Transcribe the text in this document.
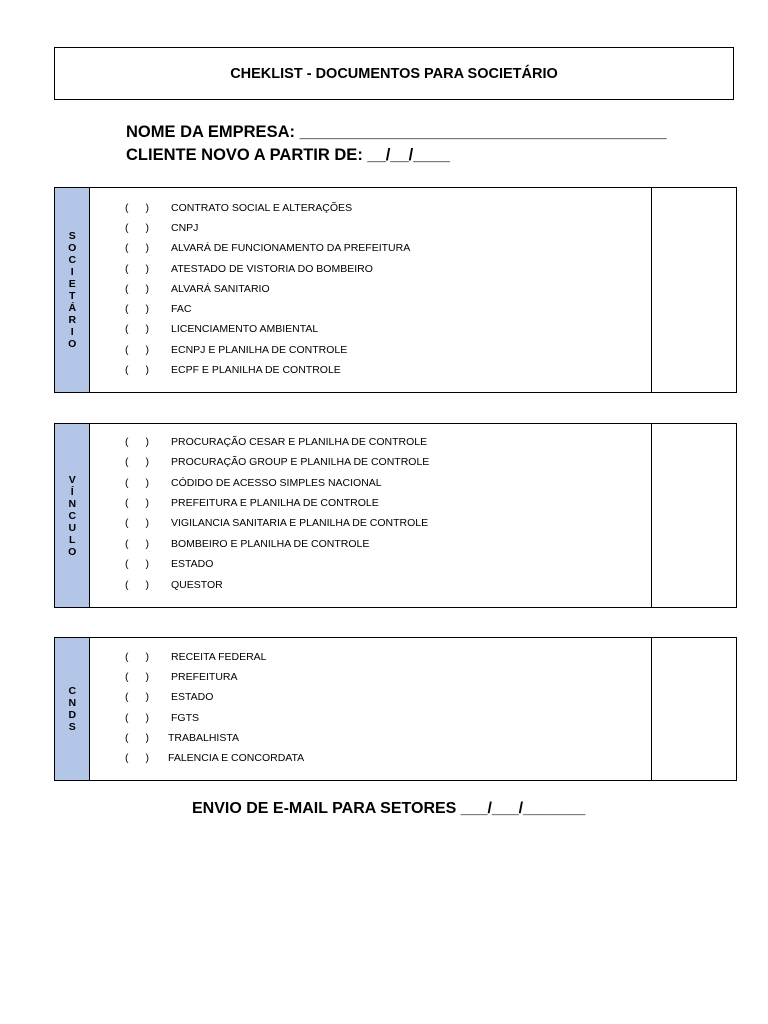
CHEKLIST - DOCUMENTOS PARA SOCIETÁRIO
NOME DA EMPRESA: ________________________________________
CLIENTE NOVO A PARTIR DE: __/__/____
SOCIETÁRIO
( ) CONTRATO SOCIAL E ALTERAÇÕES
( ) CNPJ
( ) ALVARÁ DE FUNCIONAMENTO DA PREFEITURA
( ) ATESTADO DE VISTORIA DO BOMBEIRO
( ) ALVARÁ SANITARIO
( ) FAC
( ) LICENCIAMENTO AMBIENTAL
( ) ECNPJ E PLANILHA DE CONTROLE
( ) ECPF E PLANILHA DE CONTROLE
VÍNCULO
( ) PROCURAÇÃO CESAR E PLANILHA DE CONTROLE
( ) PROCURAÇÃO GROUP E PLANILHA DE CONTROLE
( ) CÓDIDO DE ACESSO SIMPLES NACIONAL
( ) PREFEITURA E PLANILHA DE CONTROLE
( ) VIGILANCIA SANITARIA E PLANILHA DE CONTROLE
( ) BOMBEIRO E PLANILHA DE CONTROLE
( ) ESTADO
( ) QUESTOR
CNDS
( ) RECEITA FEDERAL
( ) PREFEITURA
( ) ESTADO
( ) FGTS
( ) TRABALHISTA
( ) FALENCIA E CONCORDATA
ENVIO DE E-MAIL PARA SETORES ___/___/_______
